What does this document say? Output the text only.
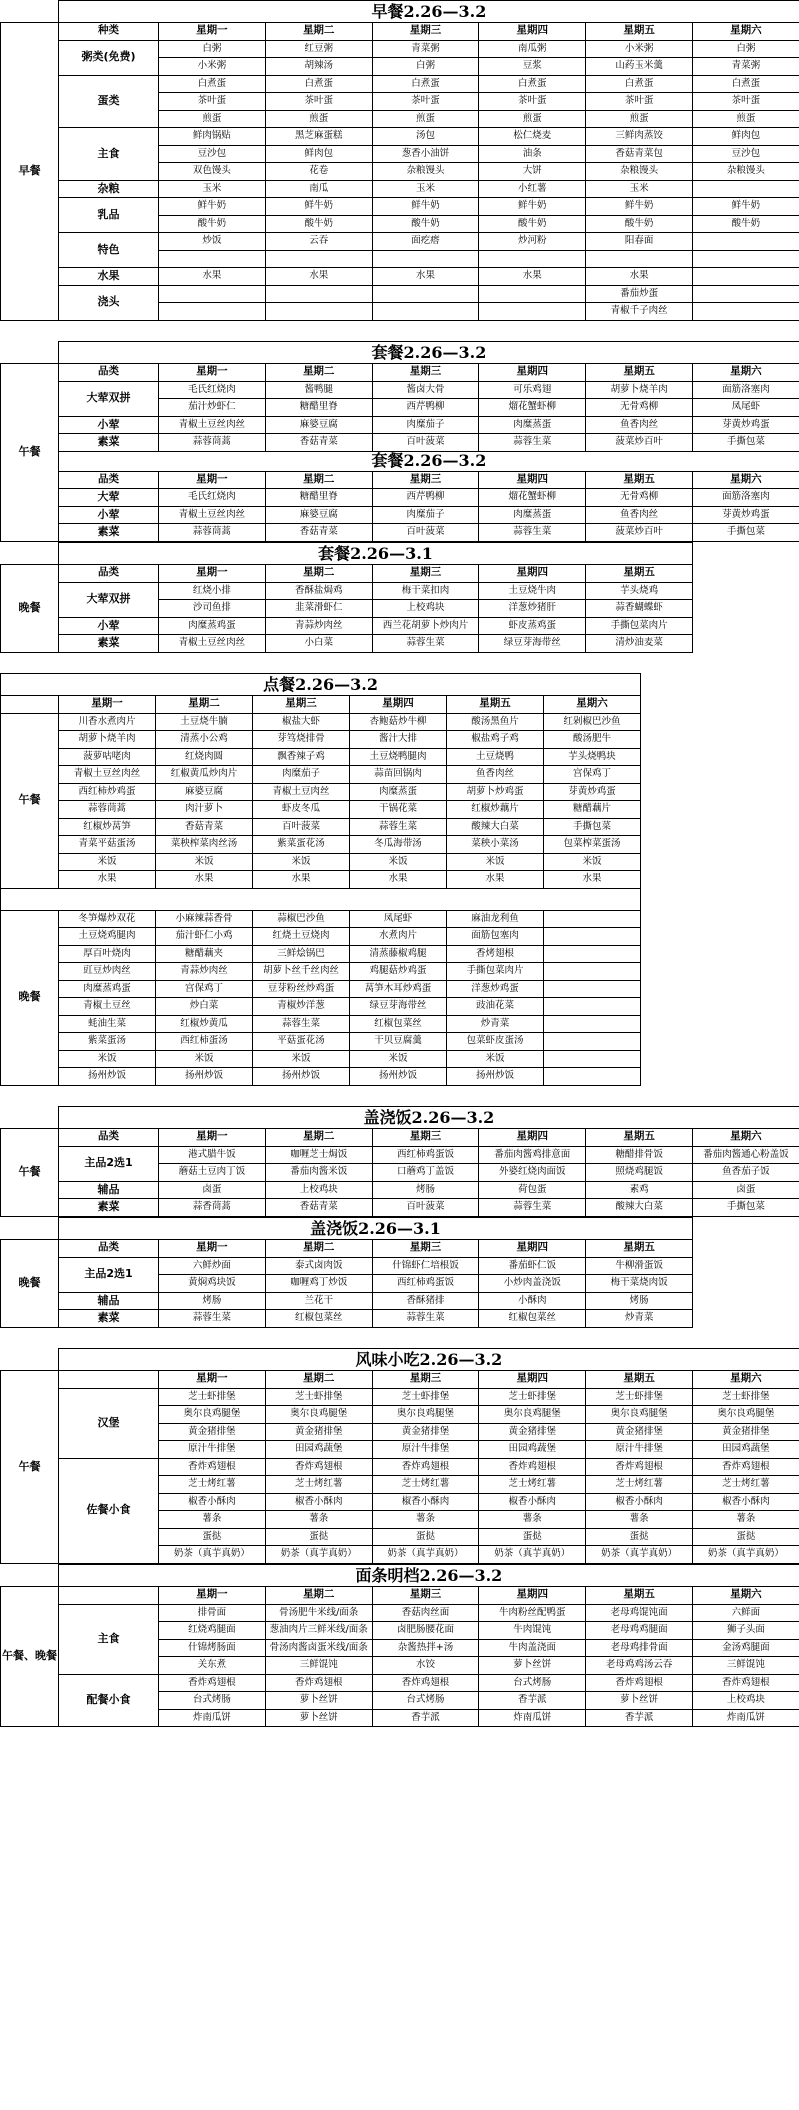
	早餐2.26—3.2						
早餐	种类	星期一	星期二	星期三	星期四	星期五	星期六
	粥类(免费)	白粥	红豆粥	青菜粥	南瓜粥	小米粥	白粥
		小米粥	胡辣汤	白粥	豆浆	山药玉米羹	青菜粥
	蛋类	白煮蛋	白煮蛋	白煮蛋	白煮蛋	白煮蛋	白煮蛋
		茶叶蛋	茶叶蛋	茶叶蛋	茶叶蛋	茶叶蛋	茶叶蛋
		煎蛋	煎蛋	煎蛋	煎蛋	煎蛋	煎蛋
	主食	鲜肉锅贴	黑芝麻蛋糕	汤包	松仁烧麦	三鲜肉蒸饺	鲜肉包
		豆沙包	鲜肉包	葱香小油饼	油条	香菇青菜包	豆沙包
		双色馒头	花卷	杂粮馒头	大饼	杂粮馒头	杂粮馒头
	杂粮	玉米	南瓜	玉米	小红薯	玉米	
	乳品	鲜牛奶	鲜牛奶	鲜牛奶	鲜牛奶	鲜牛奶	鲜牛奶
		酸牛奶	酸牛奶	酸牛奶	酸牛奶	酸牛奶	酸牛奶
	特色	炒饭	云吞	面疙瘩	炒河粉	阳春面	

	水果	水果	水果	水果	水果	水果	
	浇头					番茄炒蛋	
						青椒千子肉丝	
	套餐2.26—3.2						
午餐	品类	星期一	星期二	星期三	星期四	星期五	星期六
	大荤双拼	毛氏红烧肉	酱鸭腿	酱卤大骨	可乐鸡翅	胡萝卜烧羊肉	面筋洛塞肉
		茄汁炒虾仁	糖醋里脊	西芹鸭柳	熘花蟹虾柳	无骨鸡柳	凤尾虾
	小荤	青椒土豆丝肉丝	麻婆豆腐	肉糜茄子	肉糜蒸蛋	鱼香肉丝	芽黄炒鸡蛋
	素菜	蒜蓉茼蒿	香菇青菜	百叶菠菜	蒜蓉生菜	菠菜炒百叶	手撕包菜
	套餐2.26—3.2						
	品类	星期一	星期二	星期三	星期四	星期五	星期六
	大荤	毛氏红烧肉	糖醋里脊	西芹鸭柳	熘花蟹虾柳	无骨鸡柳	面筋洛塞肉
	小荤	青椒土豆丝肉丝	麻婆豆腐	肉糜茄子	肉糜蒸蛋	鱼香肉丝	芽黄炒鸡蛋
	素菜	蒜蓉茼蒿	香菇青菜	百叶菠菜	蒜蓉生菜	菠菜炒百叶	手撕包菜
	套餐2.26—3.1					
晚餐	品类	星期一	星期二	星期三	星期四	星期五
	大荤双拼	红烧小排	香酥盐焗鸡	梅干菜扣肉	土豆烧牛肉	芋头烧鸡
		沙司鱼排	韭菜滑虾仁	上校鸡块	洋葱炒猪肝	蒜香蝴蝶虾
	小荤	肉糜蒸鸡蛋	青蒜炒肉丝	西兰花胡萝卜炒肉片	虾皮蒸鸡蛋	手撕包菜肉片
	素菜	青椒土豆丝肉丝	小白菜	蒜蓉生菜	绿豆芽海带丝	清炒油麦菜
点餐2.26—3.2						
	星期一	星期二	星期三	星期四	星期五	星期六
午餐	川香水煮肉片	土豆烧牛腩	椒盐大虾	杏鲍菇炒牛柳	酸汤黑鱼片	红剁椒巴沙鱼
	胡萝卜烧羊肉	清蒸小公鸡	芽笃烧排骨	酱汁大排	椒盐鸡子鸡	酸汤肥牛
	菠萝咕咾肉	红烧肉圆	飘香辣子鸡	土豆烧鸭腿肉	土豆烧鸭	芋头烧鸭块
	青椒土豆丝肉丝	红椒黄瓜炒肉片	肉糜茄子	蒜苗回锅肉	鱼香肉丝	宫保鸡丁
	西红柿炒鸡蛋	麻婆豆腐	青椒土豆肉丝	肉糜蒸蛋	胡萝卜炒鸡蛋	芽黄炒鸡蛋
	蒜蓉茼蒿	肉汁萝卜	虾皮冬瓜	干锅花菜	红椒炒藕片	糖醋藕片
	红椒炒莴笋	香菇青菜	百叶菠菜	蒜蓉生菜	酸辣大白菜	手撕包菜
	青菜平菇蛋汤	菜秧榨菜肉丝汤	紫菜蛋花汤	冬瓜海带汤	菜秧小菜汤	包菜榨菜蛋汤
	米饭	米饭	米饭	米饭	米饭	米饭
	水果	水果	水果	水果	水果	水果

晚餐	冬笋爆炒双花	小麻辣蒜香骨	蒜椒巴沙鱼	凤尾虾	麻油龙利鱼	
	土豆烧鸡腿肉	茄汁虾仁小鸡	红烧土豆烧肉	水煮肉片	面筋包塞肉	
	厚百叶烧肉	糖醋藕夹	三鲜烩锅巴	清蒸藤椒鸡腿	香烤翅根	
	豇豆炒肉丝	青蒜炒肉丝	胡萝卜丝千丝肉丝	鸡腿菇炒鸡蛋	手撕包菜肉片	
	肉糜蒸鸡蛋	宫保鸡丁	豆芽粉丝炒鸡蛋	莴笋木耳炒鸡蛋	洋葱炒鸡蛋	
	青椒土豆丝	炒白菜	青椒炒洋葱	绿豆芽海带丝	豉油花菜	
	蚝油生菜	红椒炒黄瓜	蒜蓉生菜	红椒包菜丝	炒青菜	
	紫菜蛋汤	西红柿蛋汤	平菇蛋花汤	干贝豆腐羹	包菜虾皮蛋汤	
	米饭	米饭	米饭	米饭	米饭	
	扬州炒饭	扬州炒饭	扬州炒饭	扬州炒饭	扬州炒饭	
	盖浇饭2.26—3.2						
午餐	品类	星期一	星期二	星期三	星期四	星期五	星期六
	主品2选1	港式腊牛饭	咖喱芝士焗饭	西红柿鸡蛋饭	番茄肉酱鸡排意面	糖醋排骨饭	番茄肉酱通心粉盖饭
		蘑菇土豆肉丁饭	番茄肉酱米饭	口蘑鸡丁盖饭	外婆红烧肉面饭	照烧鸡腿饭	鱼香茄子饭
	辅品	卤蛋	上校鸡块	烤肠	荷包蛋	素鸡	卤蛋
	素菜	蒜香茼蒿	香菇青菜	百叶菠菜	蒜蓉生菜	酸辣大白菜	手撕包菜
	盖浇饭2.26—3.1					
晚餐	品类	星期一	星期二	星期三	星期四	星期五
	主品2选1	六鲜炒面	泰式卤肉饭	什锦虾仁培根饭	番茄虾仁饭	牛柳滑蛋饭
		黄焖鸡块饭	咖喱鸡丁炒饭	西红柿鸡蛋饭	小炒肉盖浇饭	梅干菜烧肉饭
	辅品	烤肠	兰花干	香酥猪排	小酥肉	烤肠
	素菜	蒜蓉生菜	红椒包菜丝	蒜蓉生菜	红椒包菜丝	炒青菜
	风味小吃2.26—3.2						
午餐		星期一	星期二	星期三	星期四	星期五	星期六
	汉堡	芝士虾排堡	芝士虾排堡	芝士虾排堡	芝士虾排堡	芝士虾排堡	芝士虾排堡
		奥尔良鸡腿堡	奥尔良鸡腿堡	奥尔良鸡腿堡	奥尔良鸡腿堡	奥尔良鸡腿堡	奥尔良鸡腿堡
		黄金猪排堡	黄金猪排堡	黄金猪排堡	黄金猪排堡	黄金猪排堡	黄金猪排堡
		原汁牛排堡	田园鸡蔬堡	原汁牛排堡	田园鸡蔬堡	原汁牛排堡	田园鸡蔬堡
	佐餐小食	香炸鸡翅根	香炸鸡翅根	香炸鸡翅根	香炸鸡翅根	香炸鸡翅根	香炸鸡翅根
		芝士烤红薯	芝士烤红薯	芝士烤红薯	芝士烤红薯	芝士烤红薯	芝士烤红薯
		椒香小酥肉	椒香小酥肉	椒香小酥肉	椒香小酥肉	椒香小酥肉	椒香小酥肉
		薯条	薯条	薯条	薯条	薯条	薯条
		蛋挞	蛋挞	蛋挞	蛋挞	蛋挞	蛋挞
		奶茶（真芋真奶）	奶茶（真芋真奶）	奶茶（真芋真奶）	奶茶（真芋真奶）	奶茶（真芋真奶）	奶茶（真芋真奶）
	面条明档2.26—3.2						
午餐、晚餐		星期一	星期二	星期三	星期四	星期五	星期六
	主食	排骨面	骨汤肥牛米线/面条	香菇肉丝面	牛肉粉丝配鸭蛋	老母鸡馄饨面	六鲜面
		红烧鸡腿面	葱油肉片三鲜米线/面条	卤肥肠腰花面	牛肉馄饨	老母鸡鸡腿面	狮子头面
		什锦烤肠面	骨汤肉酱卤蛋米线/面条	杂酱热拌+汤	牛肉盖浇面	老母鸡排骨面	金汤鸡腿面
		关东煮	三鲜馄饨	水饺	萝卜丝饼	老母鸡鸡汤云吞	三鲜馄饨
	配餐小食	香炸鸡翅根	香炸鸡翅根	香炸鸡翅根	台式烤肠	香炸鸡翅根	香炸鸡翅根
		台式烤肠	萝卜丝饼	台式烤肠	香芋派	萝卜丝饼	上校鸡块
		炸南瓜饼	萝卜丝饼	香芋派	炸南瓜饼	香芋派	炸南瓜饼
